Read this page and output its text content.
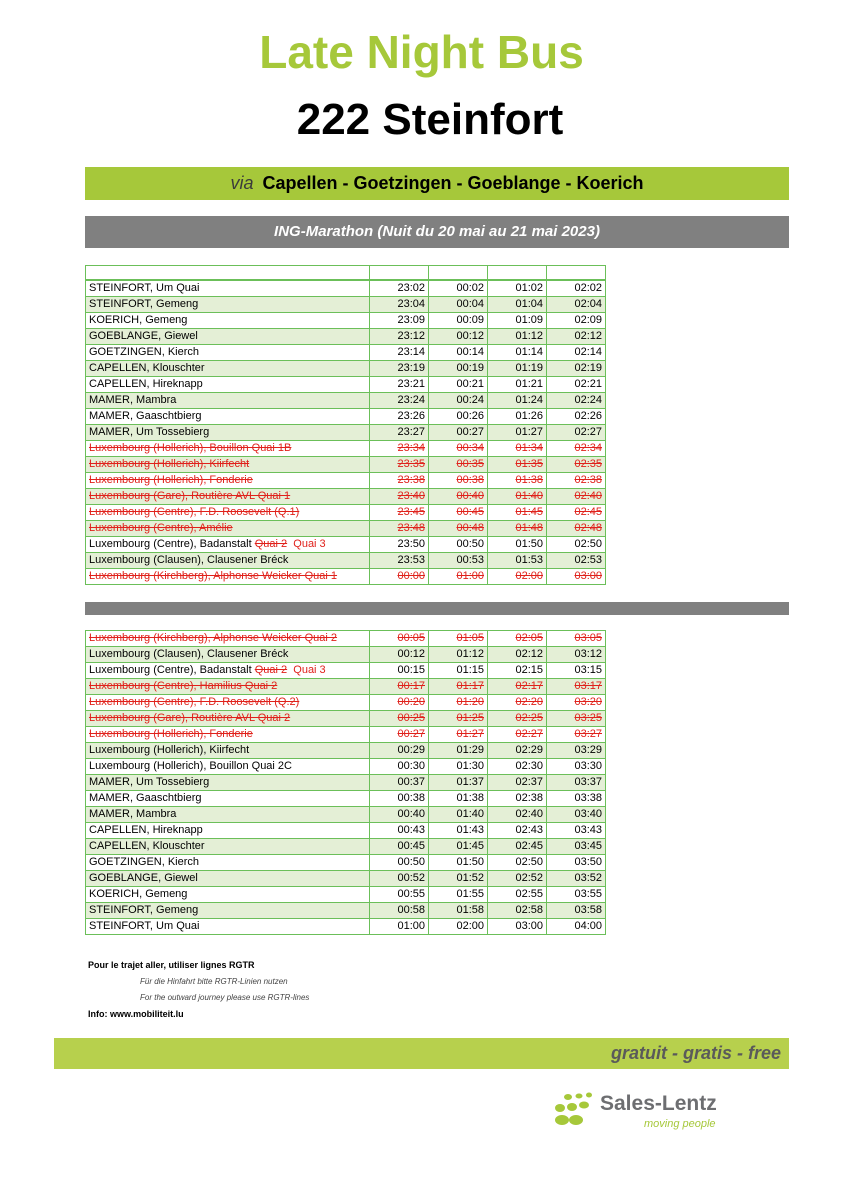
Late Night Bus
222 Steinfort
via Capellen - Goetzingen - Goeblange - Koerich
ING-Marathon (Nuit du 20 mai au 21 mai 2023)

STEINFORT, Um Quai	23:02	00:02	01:02	02:02
STEINFORT, Gemeng	23:04	00:04	01:04	02:04
KOERICH, Gemeng	23:09	00:09	01:09	02:09
GOEBLANGE, Giewel	23:12	00:12	01:12	02:12
GOETZINGEN, Kierch	23:14	00:14	01:14	02:14
CAPELLEN, Klouschter	23:19	00:19	01:19	02:19
CAPELLEN, Hireknapp	23:21	00:21	01:21	02:21
MAMER, Mambra	23:24	00:24	01:24	02:24
MAMER, Gaaschtbierg	23:26	00:26	01:26	02:26
MAMER, Um Tossebierg	23:27	00:27	01:27	02:27
Luxembourg (Hollerich), Bouillon Quai 1B	23:34	00:34	01:34	02:34
Luxembourg (Hollerich), Kiirfecht	23:35	00:35	01:35	02:35
Luxembourg (Hollerich), Fonderie	23:38	00:38	01:38	02:38
Luxembourg (Gare), Routière AVL Quai 1	23:40	00:40	01:40	02:40
Luxembourg (Centre), F.D. Roosevelt (Q.1)	23:45	00:45	01:45	02:45
Luxembourg (Centre), Amélie	23:48	00:48	01:48	02:48
Luxembourg (Centre), Badanstalt Quai 2 Quai 3	23:50	00:50	01:50	02:50
Luxembourg (Clausen), Clausener Bréck	23:53	00:53	01:53	02:53
Luxembourg (Kirchberg), Alphonse Weicker Quai 1	00:00	01:00	02:00	03:00
Luxembourg (Kirchberg), Alphonse Weicker Quai 2	00:05	01:05	02:05	03:05
Luxembourg (Clausen), Clausener Bréck	00:12	01:12	02:12	03:12
Luxembourg (Centre), Badanstalt Quai 2 Quai 3	00:15	01:15	02:15	03:15
Luxembourg (Centre), Hamilius Quai 2	00:17	01:17	02:17	03:17
Luxembourg (Centre), F.D. Roosevelt (Q.2)	00:20	01:20	02:20	03:20
Luxembourg (Gare), Routière AVL Quai 2	00:25	01:25	02:25	03:25
Luxembourg (Hollerich), Fonderie	00:27	01:27	02:27	03:27
Luxembourg (Hollerich), Kiirfecht	00:29	01:29	02:29	03:29
Luxembourg (Hollerich), Bouillon Quai 2C	00:30	01:30	02:30	03:30
MAMER, Um Tossebierg	00:37	01:37	02:37	03:37
MAMER, Gaaschtbierg	00:38	01:38	02:38	03:38
MAMER, Mambra	00:40	01:40	02:40	03:40
CAPELLEN, Hireknapp	00:43	01:43	02:43	03:43
CAPELLEN, Klouschter	00:45	01:45	02:45	03:45
GOETZINGEN, Kierch	00:50	01:50	02:50	03:50
GOEBLANGE, Giewel	00:52	01:52	02:52	03:52
KOERICH, Gemeng	00:55	01:55	02:55	03:55
STEINFORT, Gemeng	00:58	01:58	02:58	03:58
STEINFORT, Um Quai	01:00	02:00	03:00	04:00
Pour le trajet aller, utiliser lignes RGTR
Für die Hinfahrt bitte RGTR-Linien nutzen
For the outward journey please use RGTR-lines
Info: www.mobiliteit.lu
gratuit - gratis - free
Sales-Lentz
moving people
